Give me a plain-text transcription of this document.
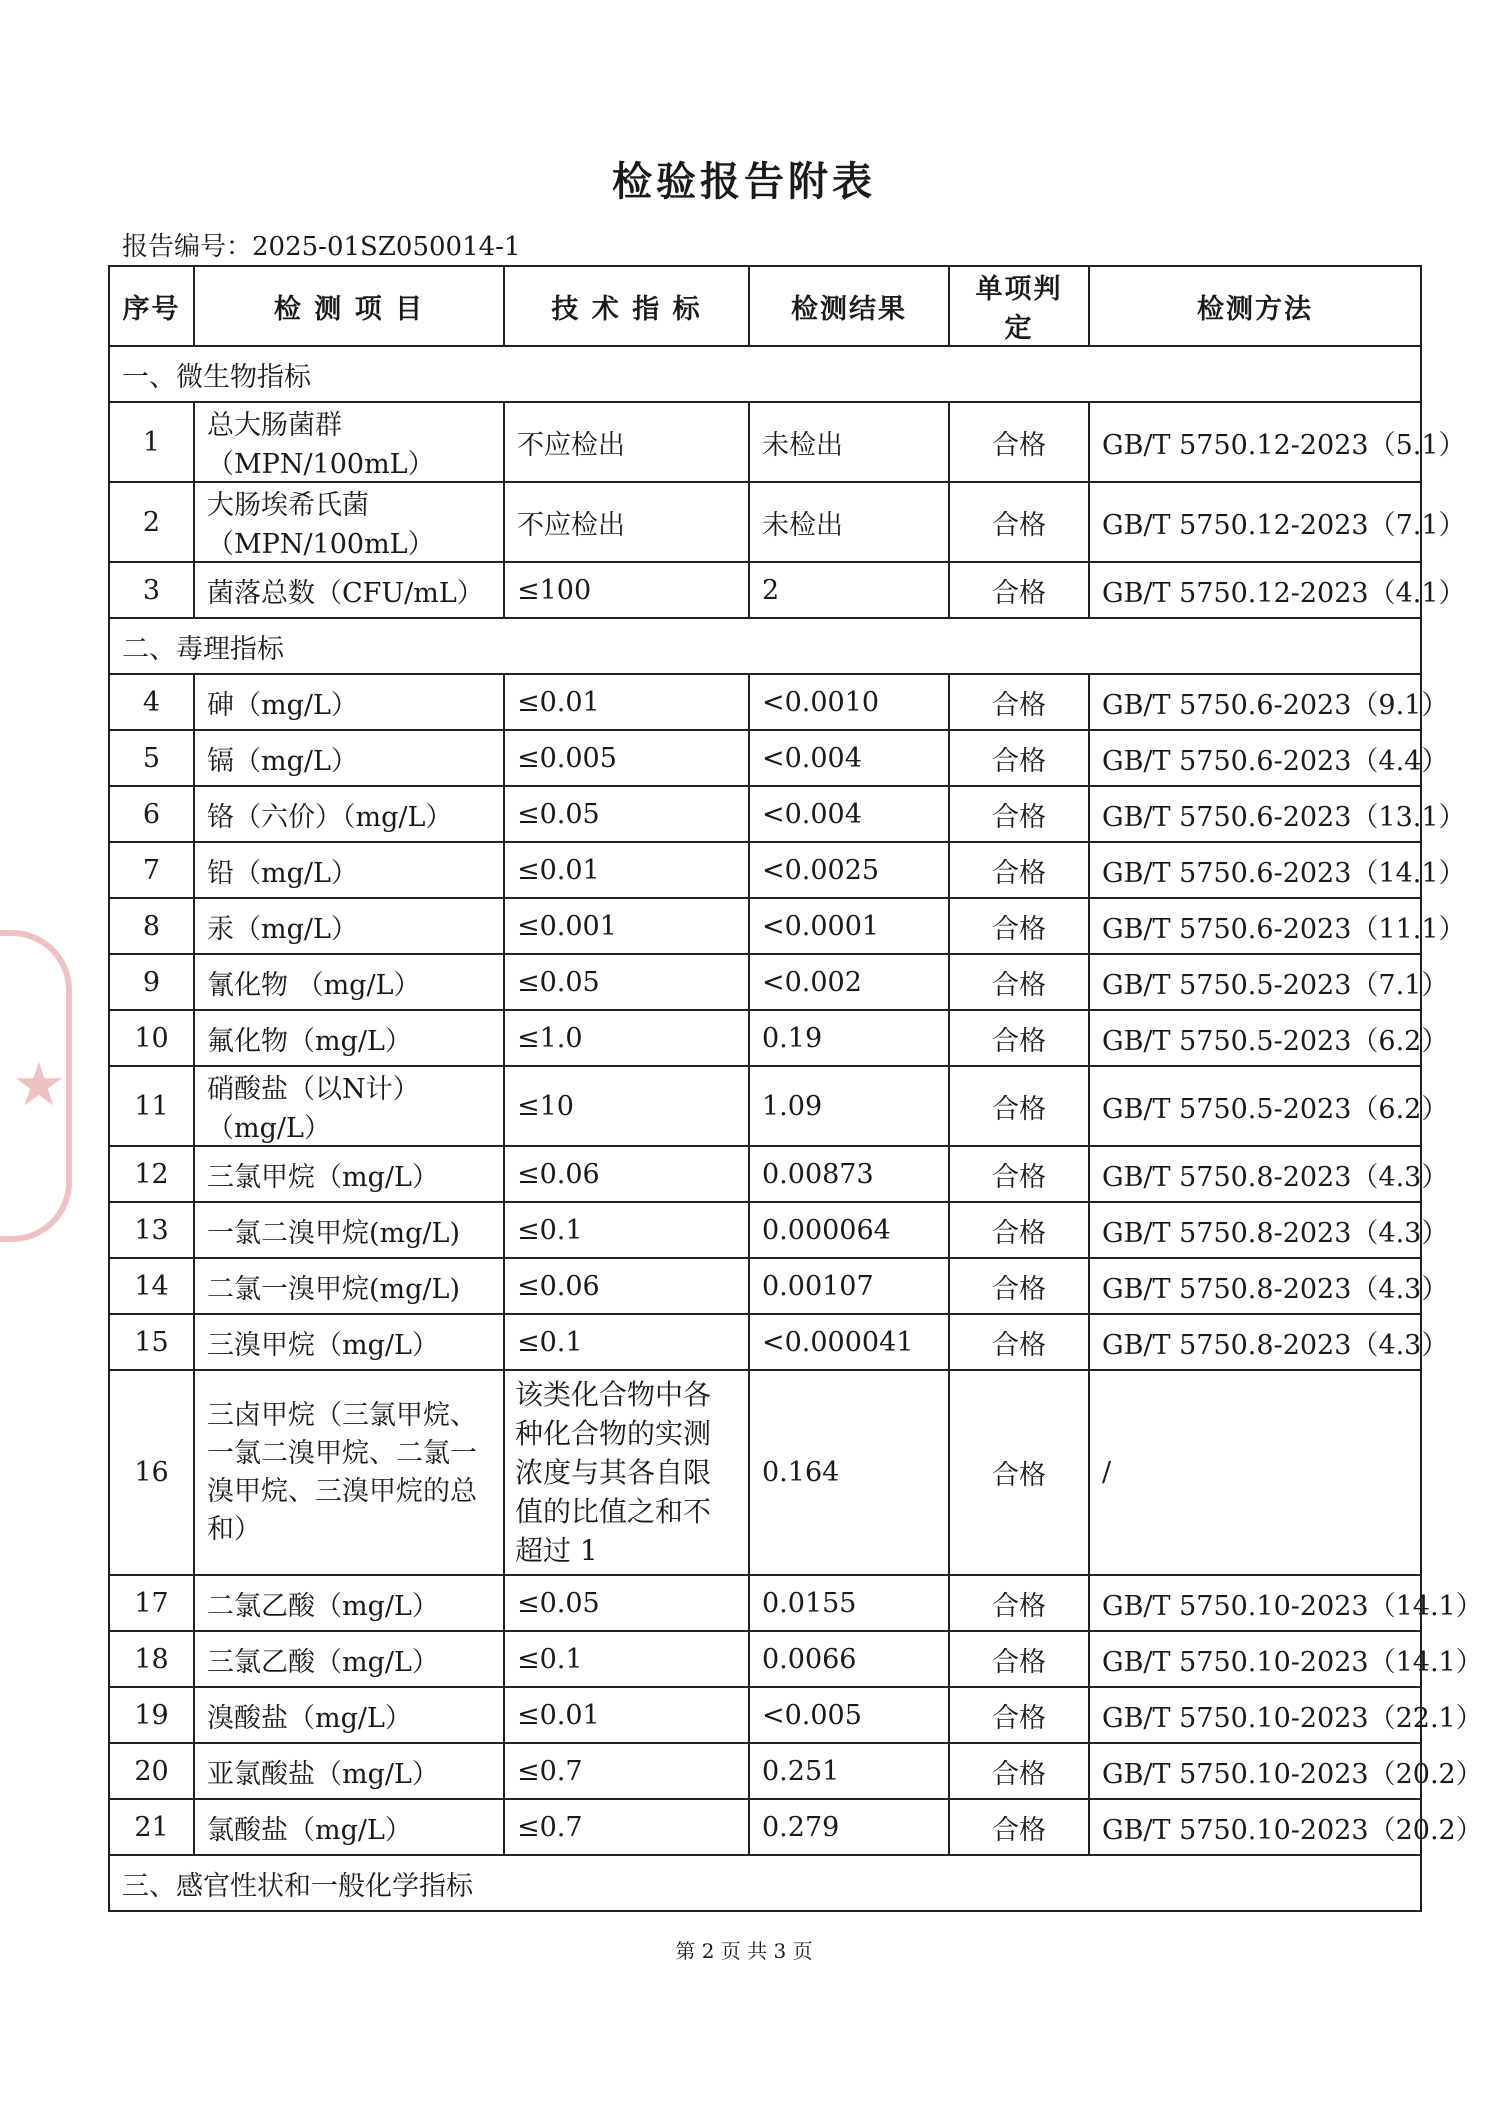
检验报告附表
报告编号：2025-01SZ050014-1
★
序号	检 测 项 目	技 术 指 标	检测结果	单项判定	检测方法
一、微生物指标					
1	总大肠菌群（MPN/100mL）	不应检出	未检出	合格	GB/T 5750.12-2023（5.1）
2	大肠埃希氏菌（MPN/100mL）	不应检出	未检出	合格	GB/T 5750.12-2023（7.1）
3	菌落总数（CFU/mL）	≤100	2	合格	GB/T 5750.12-2023（4.1）
二、毒理指标					
4	砷（mg/L）	≤0.01	<0.0010	合格	GB/T 5750.6-2023（9.1）
5	镉（mg/L）	≤0.005	<0.004	合格	GB/T 5750.6-2023（4.4）
6	铬（六价）（mg/L）	≤0.05	<0.004	合格	GB/T 5750.6-2023（13.1）
7	铅（mg/L）	≤0.01	<0.0025	合格	GB/T 5750.6-2023（14.1）
8	汞（mg/L）	≤0.001	<0.0001	合格	GB/T 5750.6-2023（11.1）
9	氰化物 （mg/L）	≤0.05	<0.002	合格	GB/T 5750.5-2023（7.1）
10	氟化物（mg/L）	≤1.0	0.19	合格	GB/T 5750.5-2023（6.2）
11	硝酸盐（以N计）（mg/L）	≤10	1.09	合格	GB/T 5750.5-2023（6.2）
12	三氯甲烷（mg/L）	≤0.06	0.00873	合格	GB/T 5750.8-2023（4.3）
13	一氯二溴甲烷(mg/L)	≤0.1	0.000064	合格	GB/T 5750.8-2023（4.3）
14	二氯一溴甲烷(mg/L)	≤0.06	0.00107	合格	GB/T 5750.8-2023（4.3）
15	三溴甲烷（mg/L）	≤0.1	<0.000041	合格	GB/T 5750.8-2023（4.3）
16	三卤甲烷（三氯甲烷、一氯二溴甲烷、二氯一溴甲烷、三溴甲烷的总和）	该类化合物中各种化合物的实测浓度与其各自限值的比值之和不超过 1	0.164	合格	/
17	二氯乙酸（mg/L）	≤0.05	0.0155	合格	GB/T 5750.10-2023（14.1）
18	三氯乙酸（mg/L）	≤0.1	0.0066	合格	GB/T 5750.10-2023（14.1）
19	溴酸盐（mg/L）	≤0.01	<0.005	合格	GB/T 5750.10-2023（22.1）
20	亚氯酸盐（mg/L）	≤0.7	0.251	合格	GB/T 5750.10-2023（20.2）
21	氯酸盐（mg/L）	≤0.7	0.279	合格	GB/T 5750.10-2023（20.2）
三、感官性状和一般化学指标					
第 2 页 共 3 页
